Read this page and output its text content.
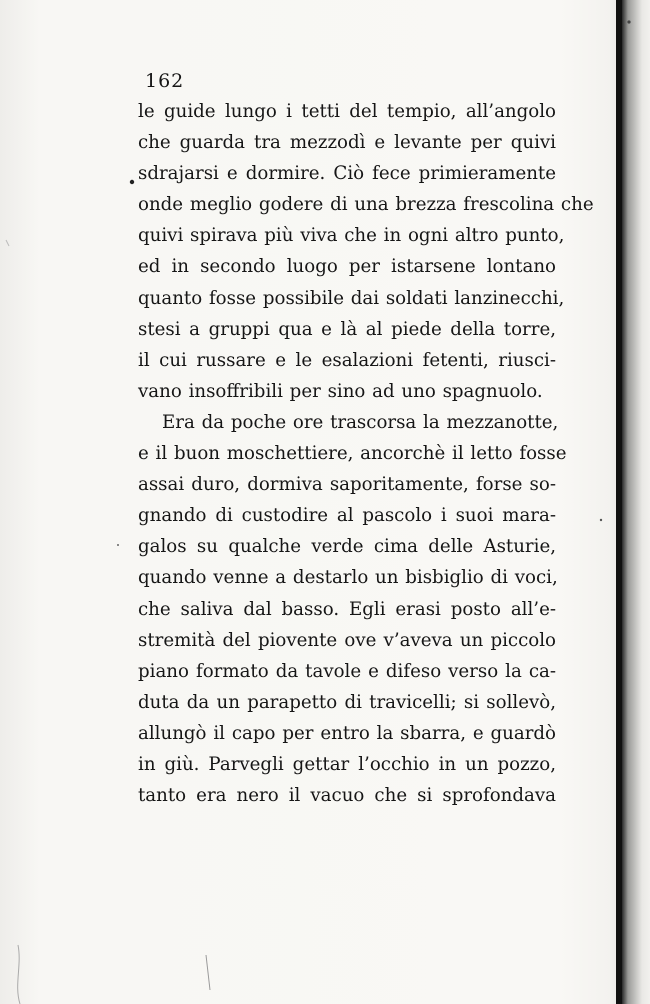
162
le guide lungo i tetti del tempio, all’angolo
che guarda tra mezzodì e levante per quivi
sdrajarsi e dormire. Ciò fece primieramente
onde meglio godere di una brezza frescolina che
quivi spirava più viva che in ogni altro punto,
ed in secondo luogo per istarsene lontano
quanto fosse possibile dai soldati lanzinecchi,
stesi a gruppi qua e là al piede della torre,
il cui russare e le esalazioni fetenti, riusci-
vano insoffribili per sino ad uno spagnuolo.
Era da poche ore trascorsa la mezzanotte,
e il buon moschettiere, ancorchè il letto fosse
assai duro, dormiva saporitamente, forse so-
gnando di custodire al pascolo i suoi mara-
galos su qualche verde cima delle Asturie,
quando venne a destarlo un bisbiglio di voci,
che saliva dal basso. Egli erasi posto all’e-
stremità del piovente ove v’aveva un piccolo
piano formato da tavole e difeso verso la ca-
duta da un parapetto di travicelli; si sollevò,
allungò il capo per entro la sbarra, e guardò
in giù. Parvegli gettar l’occhio in un pozzo,
tanto era nero il vacuo che si sprofondava
